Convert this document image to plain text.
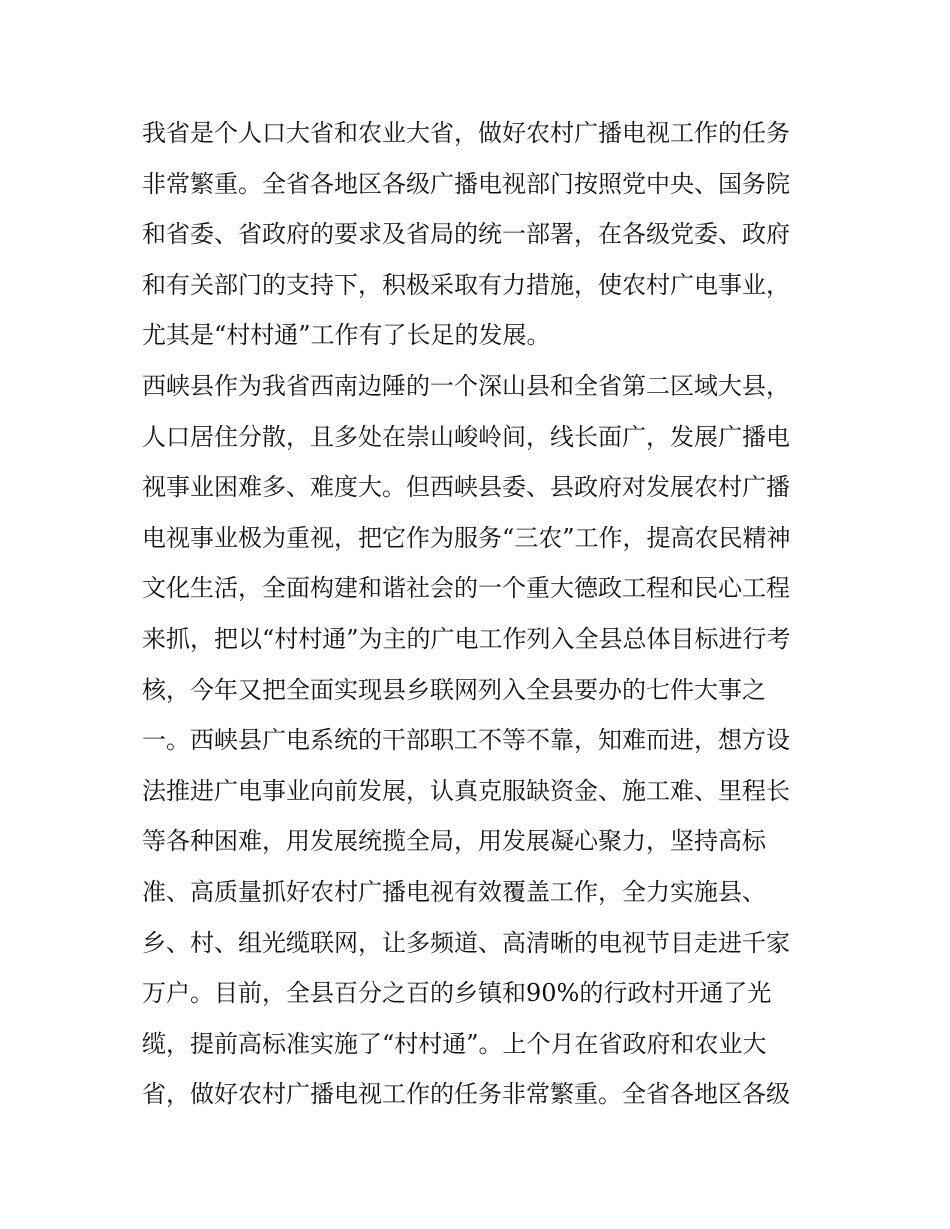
我省是个人口大省和农业大省，做好农村广播电视工作的任务
非常繁重。全省各地区各级广播电视部门按照党中央、国务院
和省委、省政府的要求及省局的统一部署，在各级党委、政府
和有关部门的支持下，积极采取有力措施，使农村广电事业，
尤其是“村村通”工作有了长足的发展。
西峡县作为我省西南边陲的一个深山县和全省第二区域大县，
人口居住分散，且多处在崇山峻岭间，线长面广，发展广播电
视事业困难多、难度大。但西峡县委、县政府对发展农村广播
电视事业极为重视，把它作为服务“三农”工作，提高农民精神
文化生活，全面构建和谐社会的一个重大德政工程和民心工程
来抓，把以“村村通”为主的广电工作列入全县总体目标进行考
核，今年又把全面实现县乡联网列入全县要办的七件大事之
一。西峡县广电系统的干部职工不等不靠，知难而进，想方设
法推进广电事业向前发展，认真克服缺资金、施工难、里程长
等各种困难，用发展统揽全局，用发展凝心聚力，坚持高标
准、高质量抓好农村广播电视有效覆盖工作，全力实施县、
乡、村、组光缆联网，让多频道、高清晰的电视节目走进千家
万户。目前，全县百分之百的乡镇和90%的行政村开通了光
缆，提前高标准实施了“村村通”。上个月在省政府和农业大
省，做好农村广播电视工作的任务非常繁重。全省各地区各级
